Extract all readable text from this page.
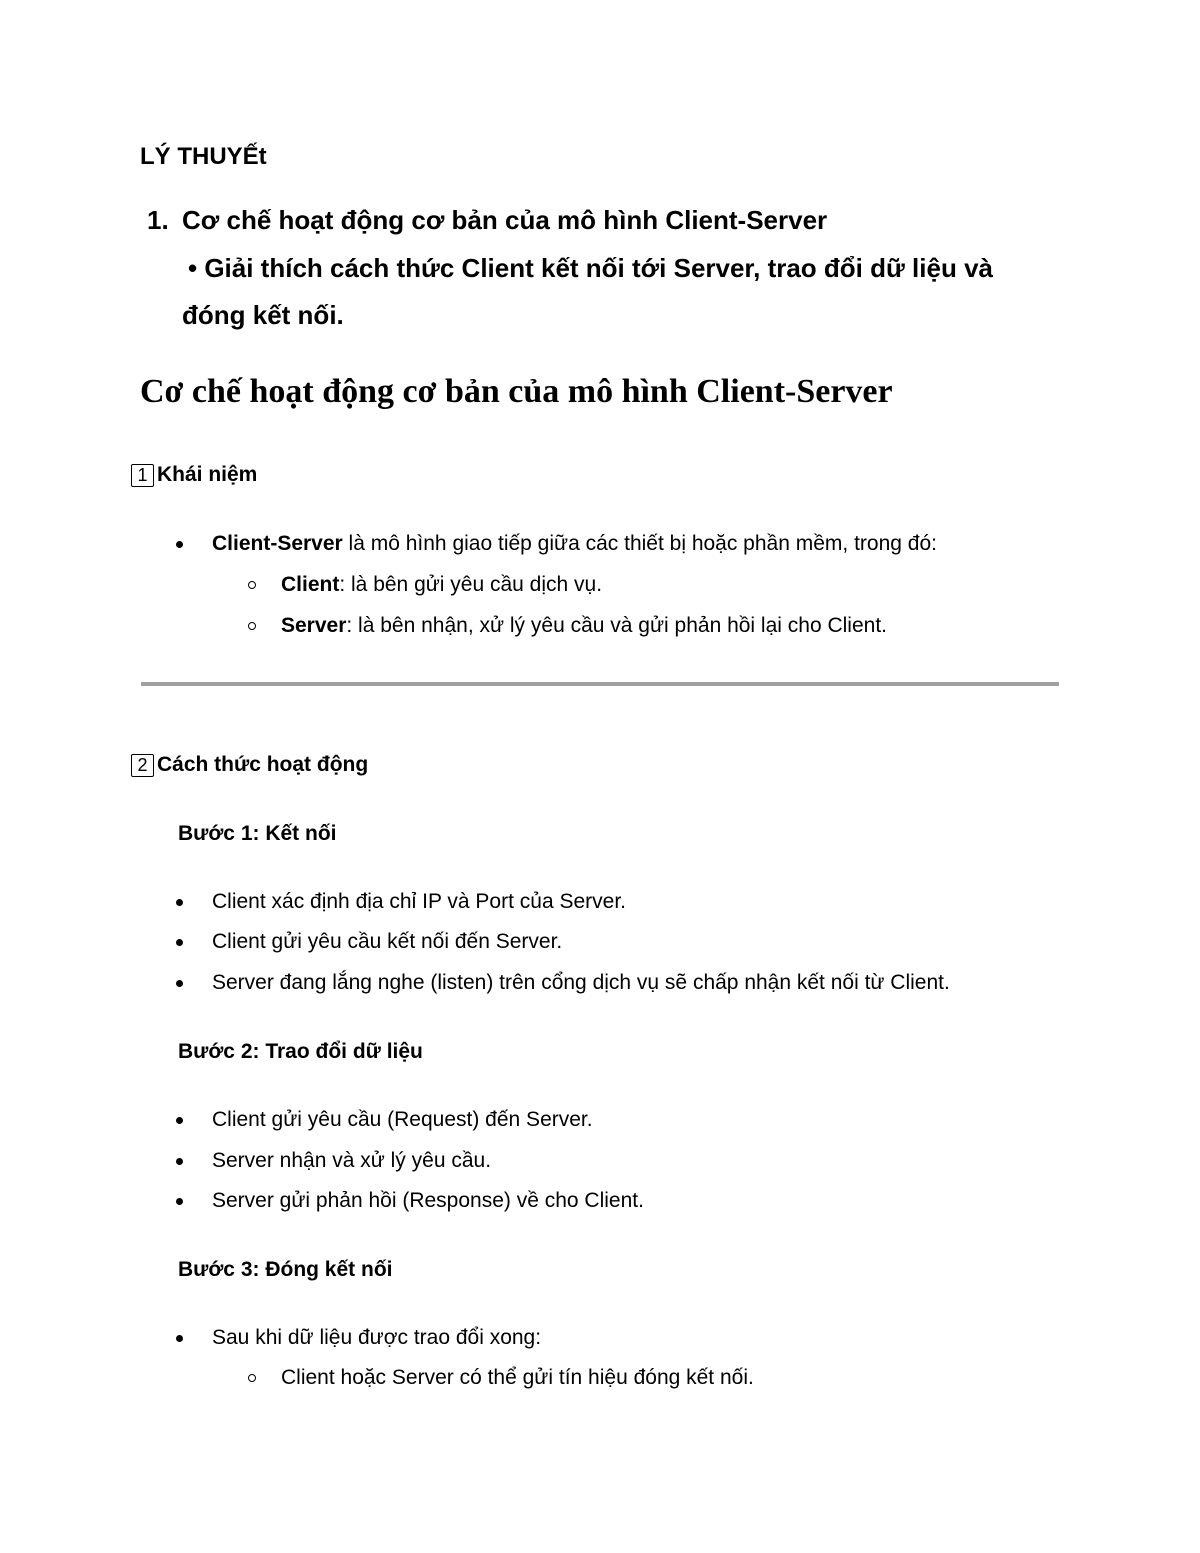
LÝ THUYẾt
1. Cơ chế hoạt động cơ bản của mô hình Client-Server
• Giải thích cách thức Client kết nối tới Server, trao đổi dữ liệu và
đóng kết nối.
Cơ chế hoạt động cơ bản của mô hình Client-Server
1 Khái niệm
Client-Server là mô hình giao tiếp giữa các thiết bị hoặc phần mềm, trong đó:
Client: là bên gửi yêu cầu dịch vụ.
Server: là bên nhận, xử lý yêu cầu và gửi phản hồi lại cho Client.
2 Cách thức hoạt động
Bước 1: Kết nối
Client xác định địa chỉ IP và Port của Server.
Client gửi yêu cầu kết nối đến Server.
Server đang lắng nghe (listen) trên cổng dịch vụ sẽ chấp nhận kết nối từ Client.
Bước 2: Trao đổi dữ liệu
Client gửi yêu cầu (Request) đến Server.
Server nhận và xử lý yêu cầu.
Server gửi phản hồi (Response) về cho Client.
Bước 3: Đóng kết nối
Sau khi dữ liệu được trao đổi xong:
Client hoặc Server có thể gửi tín hiệu đóng kết nối.
